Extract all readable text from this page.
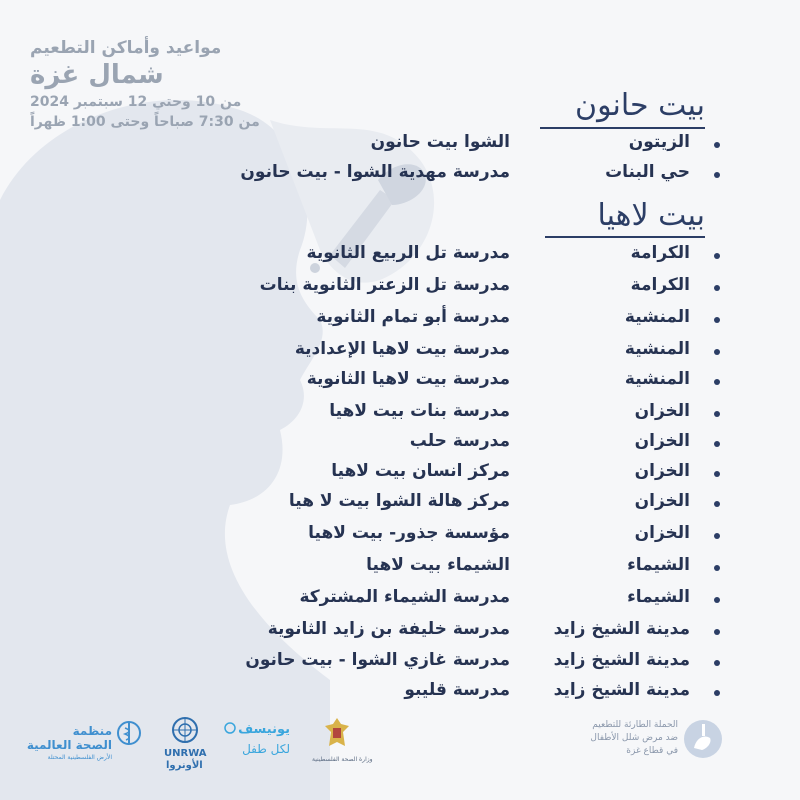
مواعيد وأماكن التطعيم
شمال غزة
من 10 وحتي 12 سبتمبر 2024
من 7:30 صباحاً وحتى 1:00 ظهراً	بيت حانون
الزيتون
الشوا بيت حانون
حي البنات
مدرسة مهدية الشوا - بيت حانون
بيت لاهيا
الكرامة
مدرسة تل الربيع الثانوية
الكرامة
مدرسة تل الزعتر الثانوية بنات
المنشية
مدرسة أبو تمام الثانوية
المنشية
مدرسة بيت لاهيا الإعدادية
المنشية
مدرسة بيت لاهيا الثانوية
الخزان
مدرسة بنات بيت لاهيا
الخزان
مدرسة حلب
الخزان
مركز انسان بيت لاهيا
الخزان
مركز هالة الشوا بيت لا هيا
الخزان
مؤسسة جذور- بيت لاهيا
الشيماء
الشيماء بيت لاهيا
الشيماء
مدرسة الشيماء المشتركة
مدينة الشيخ زايد
مدرسة خليفة بن زايد الثانوية
مدينة الشيخ زايد
مدرسة غازي الشوا - بيت حانون
مدينة الشيخ زايد
مدرسة قليبو
منظمة
الصحة العالمية
الأرض الفلسطينية المحتلة	UNRWA
الأونروا
يونيسف
لكل طفل
وزارة الصحة الفلسطينية
الحملة الطارئة للتطعيم
ضد مرض شلل الأطفال
في قطاع غزة
